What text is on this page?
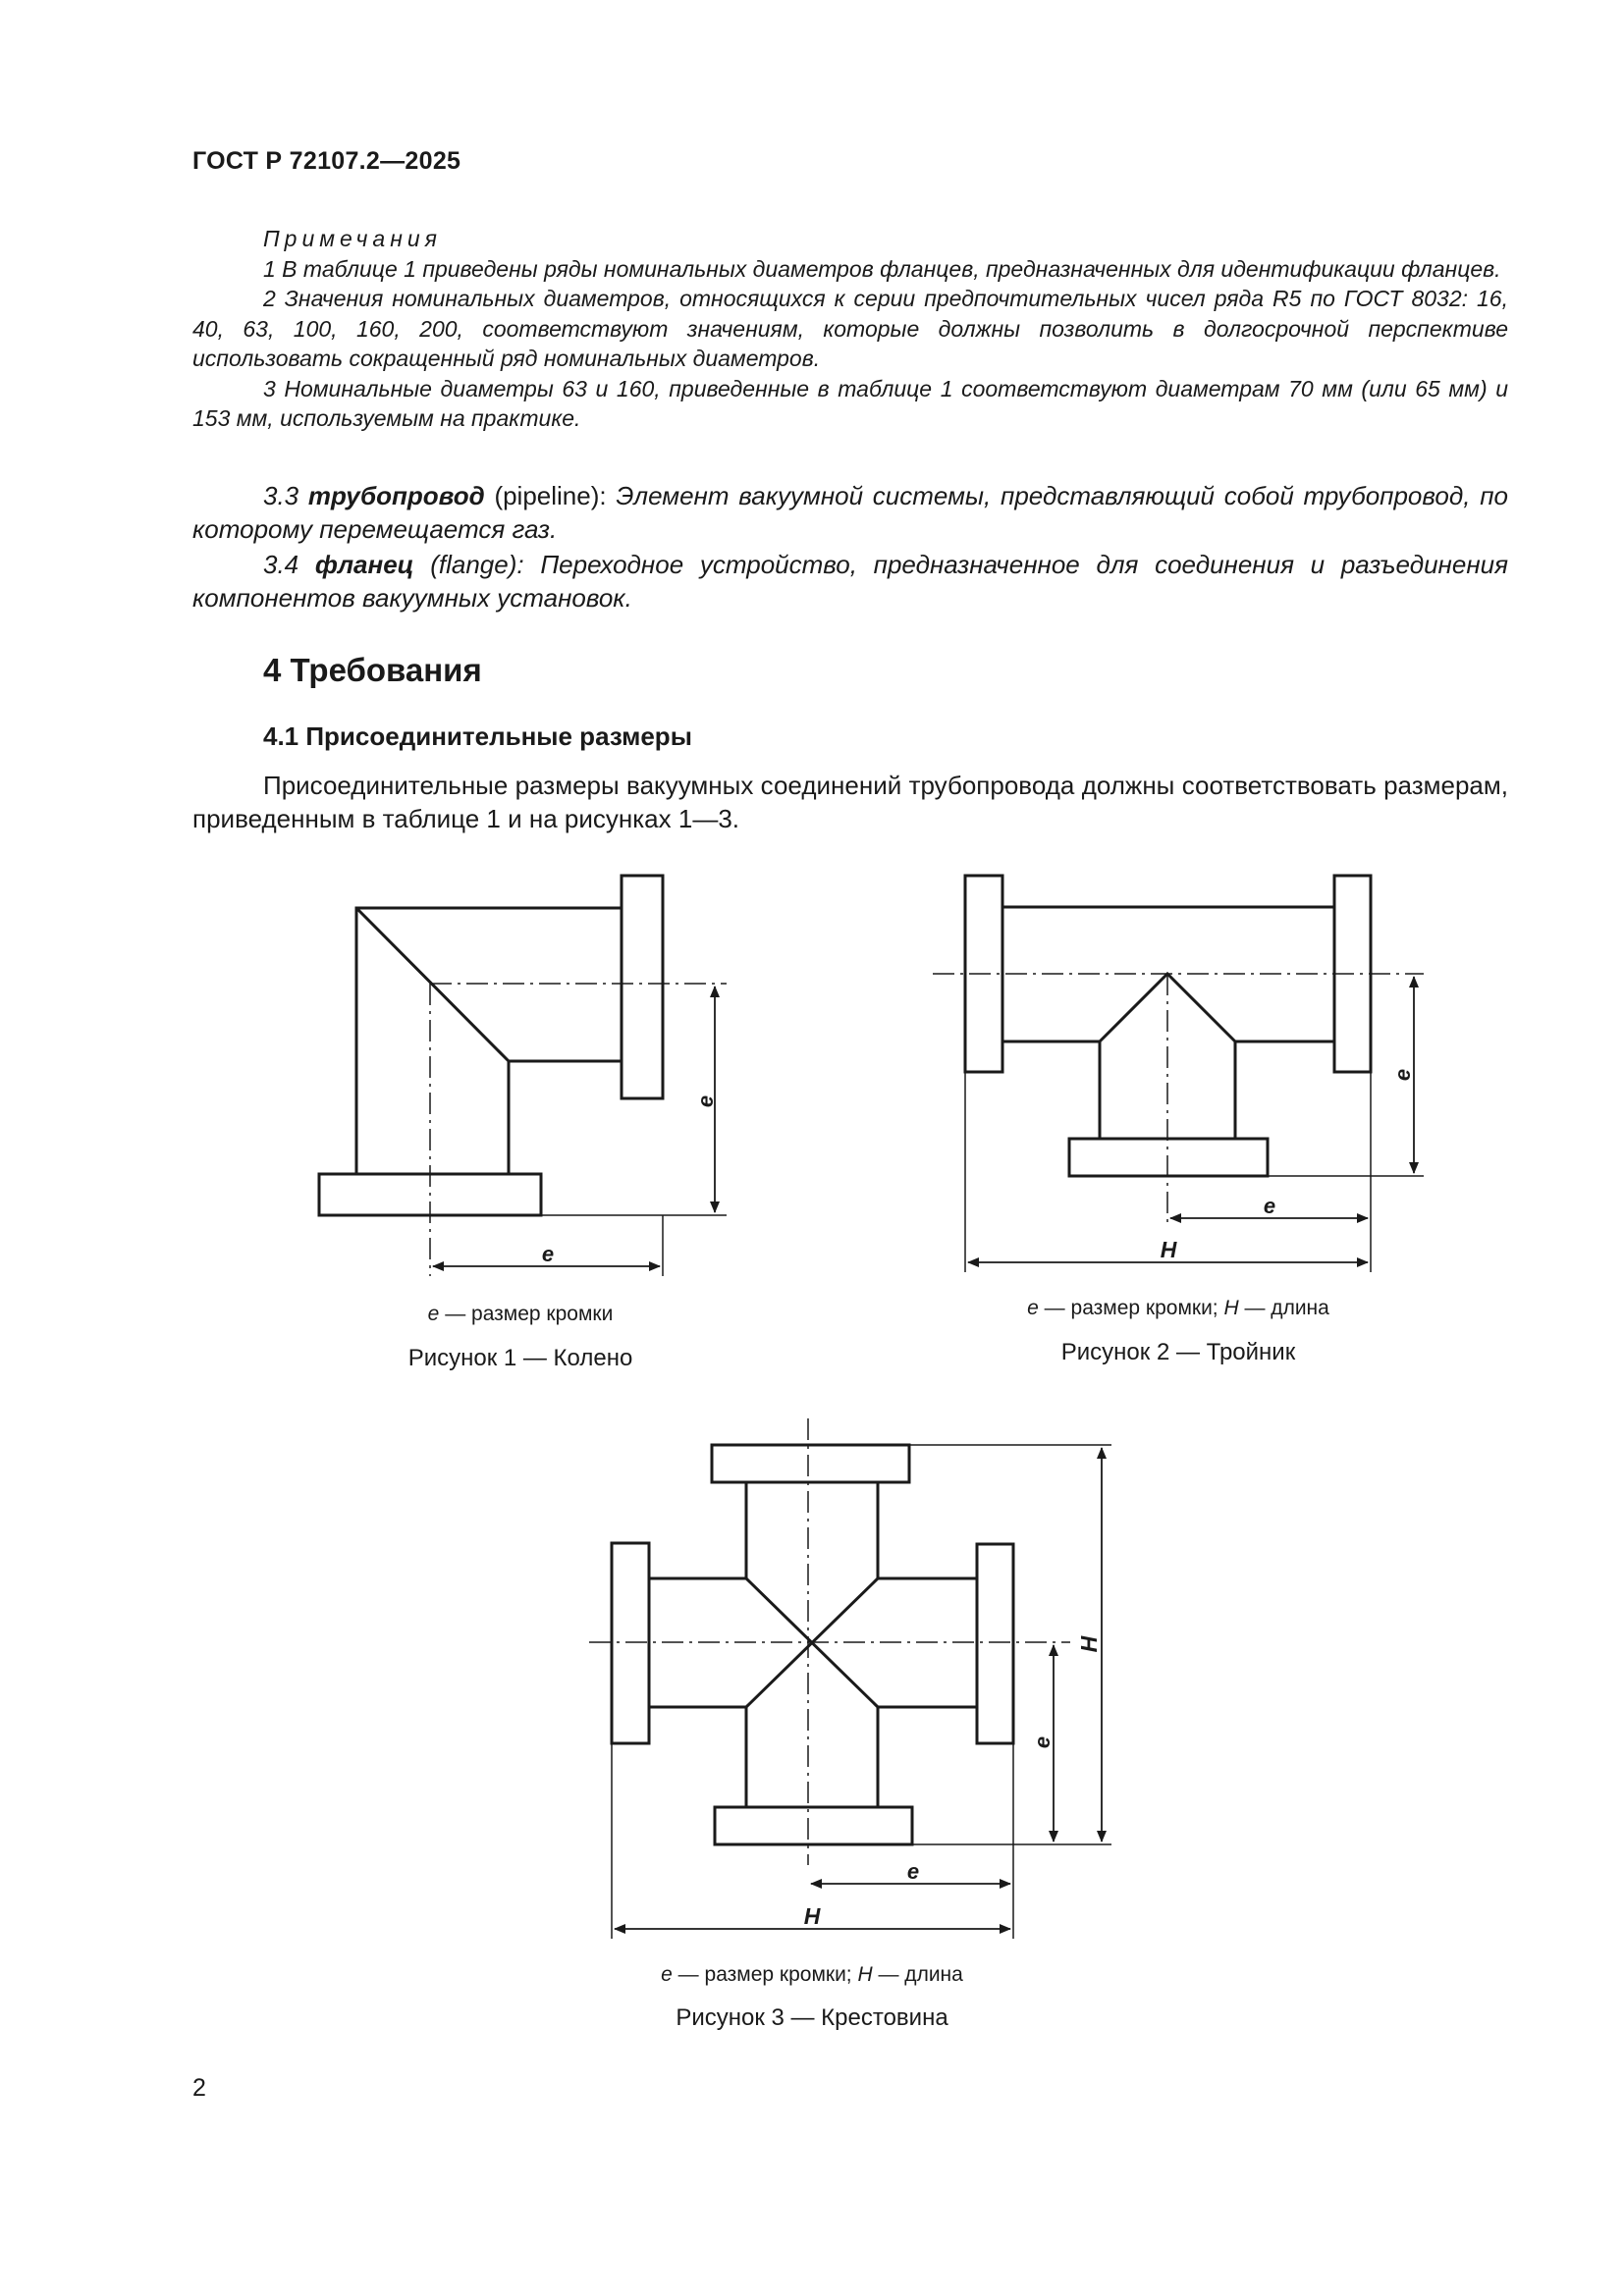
ГОСТ Р 72107.2—2025

Примечания

1 В таблице 1 приведены ряды номинальных диаметров фланцев, предназначенных для идентификации фланцев.

2 Значения номинальных диаметров, относящихся к серии предпочтительных чисел ряда R5 по ГОСТ 8032: 16, 40, 63, 100, 160, 200, соответствуют значениям, которые должны позволить в долгосрочной перспективе использовать сокращенный ряд номинальных диаметров.

3 Номинальные диаметры 63 и 160, приведенные в таблице 1 соответствуют диаметрам 70 мм (или 65 мм) и 153 мм, используемым на практике.

3.3 трубопровод (pipeline): Элемент вакуумной системы, представляющий собой трубопровод, по которому перемещается газ.

3.4 фланец (flange): Переходное устройство, предназначенное для соединения и разъединения компонентов вакуумных установок.

4 Требования
4.1 Присоединительные размеры

Присоединительные размеры вакуумных соединений трубопровода должны соответствовать размерам, приведенным в таблице 1 и на рисунках 1—3.

e
e
e
e
H
H
e
e
H
e — размер кромки
Рисунок 1 — Колено
e — размер кромки; H — длина
Рисунок 2 — Тройник
e — размер кромки; H — длина
Рисунок 3 — Крестовина
2
